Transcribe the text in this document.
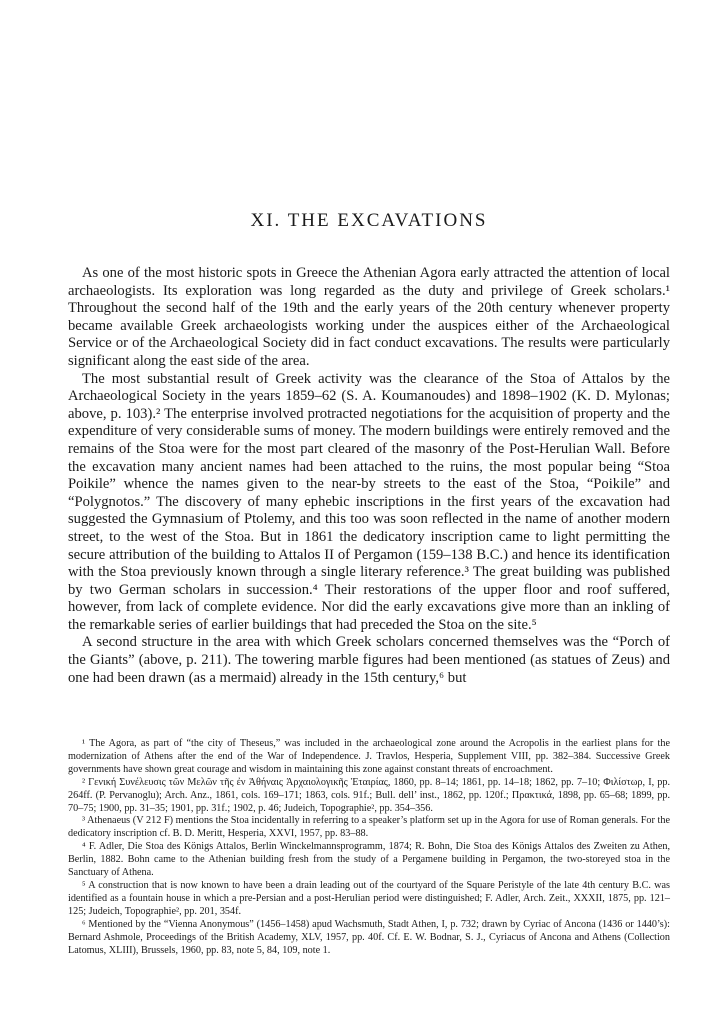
XI. THE EXCAVATIONS

As one of the most historic spots in Greece the Athenian Agora early attracted the attention of local archaeologists. Its exploration was long regarded as the duty and privilege of Greek scholars.¹ Throughout the second half of the 19th and the early years of the 20th century whenever property became available Greek archaeologists working under the auspices either of the Archaeological Service or of the Archaeological Society did in fact conduct excavations. The results were particularly significant along the east side of the area.

The most substantial result of Greek activity was the clearance of the Stoa of Attalos by the Archaeological Society in the years 1859–62 (S. A. Koumanoudes) and 1898–1902 (K. D. Mylonas; above, p. 103).² The enterprise involved protracted negotiations for the acquisition of property and the expenditure of very considerable sums of money. The modern buildings were entirely removed and the remains of the Stoa were for the most part cleared of the masonry of the Post-Herulian Wall. Before the excavation many ancient names had been attached to the ruins, the most popular being “Stoa Poikile” whence the names given to the near-by streets to the east of the Stoa, “Poikile” and “Polygnotos.” The discovery of many ephebic inscriptions in the first years of the excavation had suggested the Gymnasium of Ptolemy, and this too was soon reflected in the name of another modern street, to the west of the Stoa. But in 1861 the dedicatory inscription came to light permitting the secure attribution of the building to Attalos II of Pergamon (159–138 B.C.) and hence its identification with the Stoa previously known through a single literary reference.³ The great building was published by two German scholars in succession.⁴ Their restorations of the upper floor and roof suffered, however, from lack of complete evidence. Nor did the early excavations give more than an inkling of the remarkable series of earlier buildings that had preceded the Stoa on the site.⁵

A second structure in the area with which Greek scholars concerned themselves was the “Porch of the Giants” (above, p. 211). The towering marble figures had been mentioned (as statues of Zeus) and one had been drawn (as a mermaid) already in the 15th century,⁶ but

¹ The Agora, as part of “the city of Theseus,” was included in the archaeological zone around the Acropolis in the earliest plans for the modernization of Athens after the end of the War of Independence. J. Travlos, Hesperia, Supplement VIII, pp. 382–384. Successive Greek governments have shown great courage and wisdom in maintaining this zone against constant threats of encroachment.

² Γενική Συνέλευσις τῶν Μελῶν τῆς ἐν Ἀθήναις Ἀρχαιολογικῆς Ἑταιρίας, 1860, pp. 8–14; 1861, pp. 14–18; 1862, pp. 7–10; Φιλίστωρ, I, pp. 264ff. (P. Pervanoglu); Arch. Anz., 1861, cols. 169–171; 1863, cols. 91f.; Bull. dell’ inst., 1862, pp. 120f.; Πρακτικά, 1898, pp. 65–68; 1899, pp. 70–75; 1900, pp. 31–35; 1901, pp. 31f.; 1902, p. 46; Judeich, Topographie², pp. 354–356.

³ Athenaeus (V 212 F) mentions the Stoa incidentally in referring to a speaker’s platform set up in the Agora for use of Roman generals. For the dedicatory inscription cf. B. D. Meritt, Hesperia, XXVI, 1957, pp. 83–88.

⁴ F. Adler, Die Stoa des Königs Attalos, Berlin Winckelmannsprogramm, 1874; R. Bohn, Die Stoa des Königs Attalos des Zweiten zu Athen, Berlin, 1882. Bohn came to the Athenian building fresh from the study of a Pergamene building in Pergamon, the two-storeyed stoa in the Sanctuary of Athena.

⁵ A construction that is now known to have been a drain leading out of the courtyard of the Square Peristyle of the late 4th century B.C. was identified as a fountain house in which a pre-Persian and a post-Herulian period were distinguished; F. Adler, Arch. Zeit., XXXII, 1875, pp. 121–125; Judeich, Topographie², pp. 201, 354f.

⁶ Mentioned by the “Vienna Anonymous” (1456–1458) apud Wachsmuth, Stadt Athen, I, p. 732; drawn by Cyriac of Ancona (1436 or 1440’s): Bernard Ashmole, Proceedings of the British Academy, XLV, 1957, pp. 40f. Cf. E. W. Bodnar, S. J., Cyriacus of Ancona and Athens (Collection Latomus, XLIII), Brussels, 1960, pp. 83, note 5, 84, 109, note 1.
